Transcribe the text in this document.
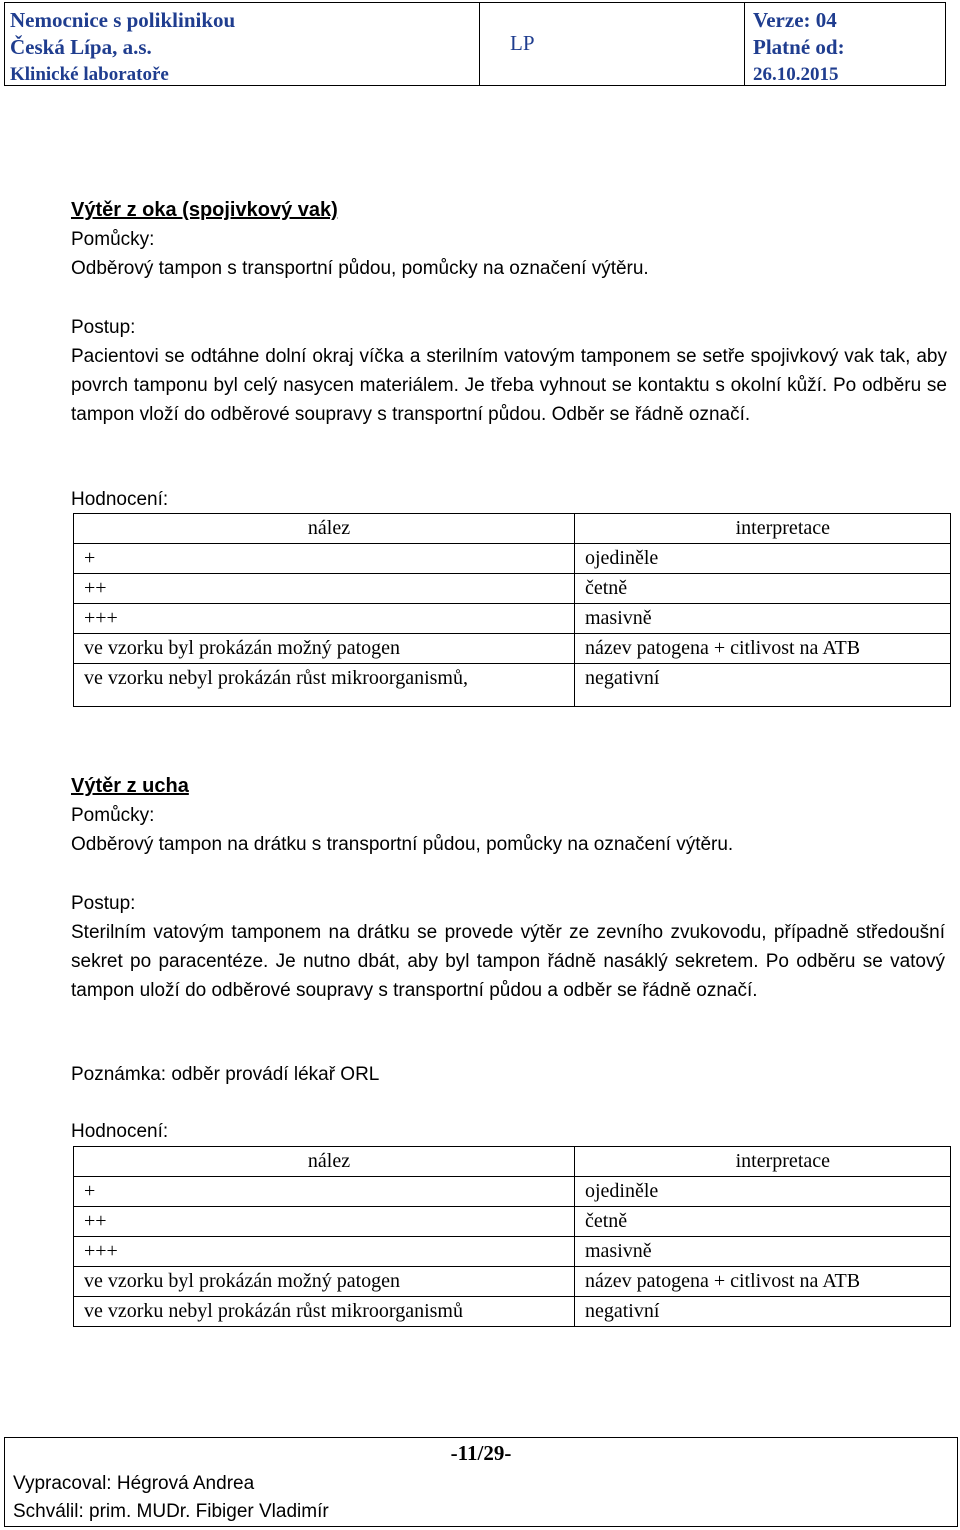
Nemocnice s poliklinikou
Česká Lípa, a.s.
Klinické laboratoře
LP
Verze: 04
Platné od:
26.10.2015
Výtěr z oka (spojivkový vak)
Pomůcky:
Odběrový tampon s transportní půdou, pomůcky na označení výtěru.
Postup:
Pacientovi se odtáhne dolní okraj víčka a sterilním vatovým tamponem se setře spojivkový vak tak, aby povrch tamponu byl celý nasycen materiálem. Je třeba vyhnout se kontaktu s okolní kůží. Po odběru se tampon vloží do odběrové soupravy s transportní půdou. Odběr se řádně označí.
Hodnocení:
nález	interpretace
+	ojediněle
++	četně
+++	masivně
ve vzorku byl prokázán možný patogen	název patogena + citlivost na ATB
ve vzorku nebyl prokázán růst mikroorganismů,	negativní
Výtěr z ucha
Pomůcky:
Odběrový tampon na drátku s transportní půdou, pomůcky na označení výtěru.
Postup:
Sterilním vatovým tamponem na drátku se provede výtěr ze zevního zvukovodu, případně středoušní sekret po paracentéze. Je nutno dbát, aby byl tampon řádně nasáklý sekretem. Po odběru se vatový tampon uloží do odběrové soupravy s transportní půdou a odběr se řádně označí.
Poznámka: odběr provádí lékař ORL
Hodnocení:
nález	interpretace
+	ojediněle
++	četně
+++	masivně
ve vzorku byl prokázán možný patogen	název patogena + citlivost na ATB
ve vzorku nebyl prokázán růst mikroorganismů	negativní
-11/29-
Vypracoval: Hégrová Andrea
Schválil: prim. MUDr. Fibiger Vladimír
